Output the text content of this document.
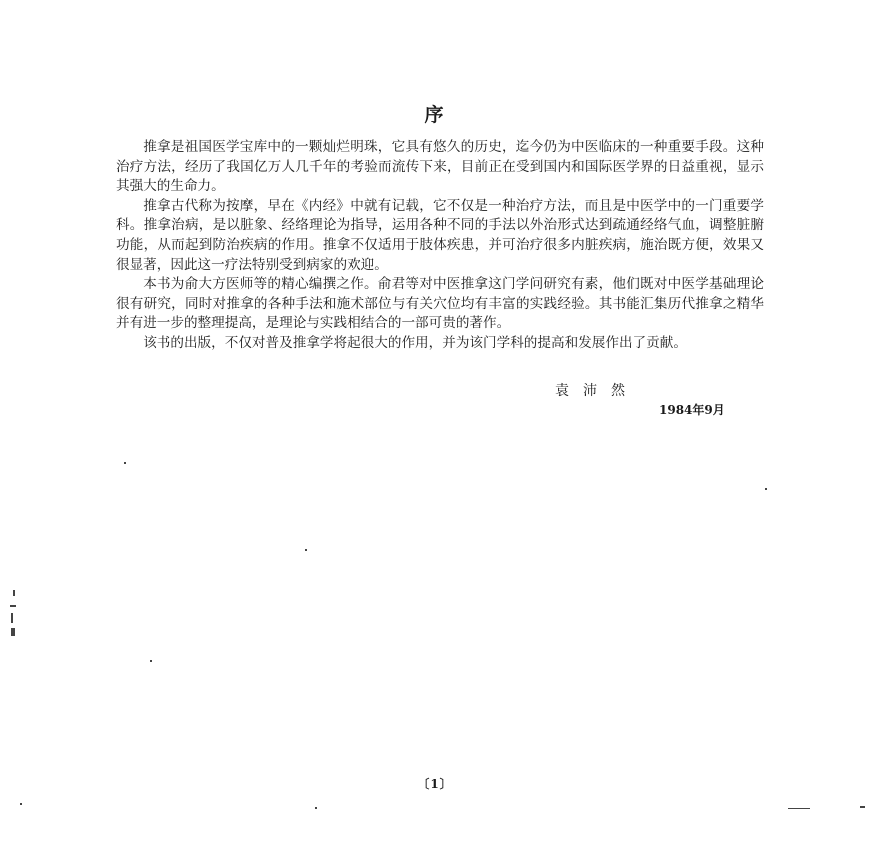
序

推拿是祖国医学宝库中的一颗灿烂明珠，它具有悠久的历史，迄今仍为中医临床的一种重要手段。这种治疗方法，经历了我国亿万人几千年的考验而流传下来，目前正在受到国内和国际医学界的日益重视，显示其强大的生命力。

推拿古代称为按摩，早在《内经》中就有记载，它不仅是一种治疗方法，而且是中医学中的一门重要学科。推拿治病，是以脏象、经络理论为指导，运用各种不同的手法以外治形式达到疏通经络气血，调整脏腑功能，从而起到防治疾病的作用。推拿不仅适用于肢体疾患，并可治疗很多内脏疾病，施治既方便，效果又很显著，因此这一疗法特别受到病家的欢迎。

本书为俞大方医师等的精心编撰之作。俞君等对中医推拿这门学问研究有素，他们既对中医学基础理论很有研究，同时对推拿的各种手法和施术部位与有关穴位均有丰富的实践经验。其书能汇集历代推拿之精华并有进一步的整理提高，是理论与实践相结合的一部可贵的著作。

该书的出版，不仅对普及推拿学将起很大的作用，并为该门学科的提高和发展作出了贡献。

袁沛然
1984年9月
〔1〕
